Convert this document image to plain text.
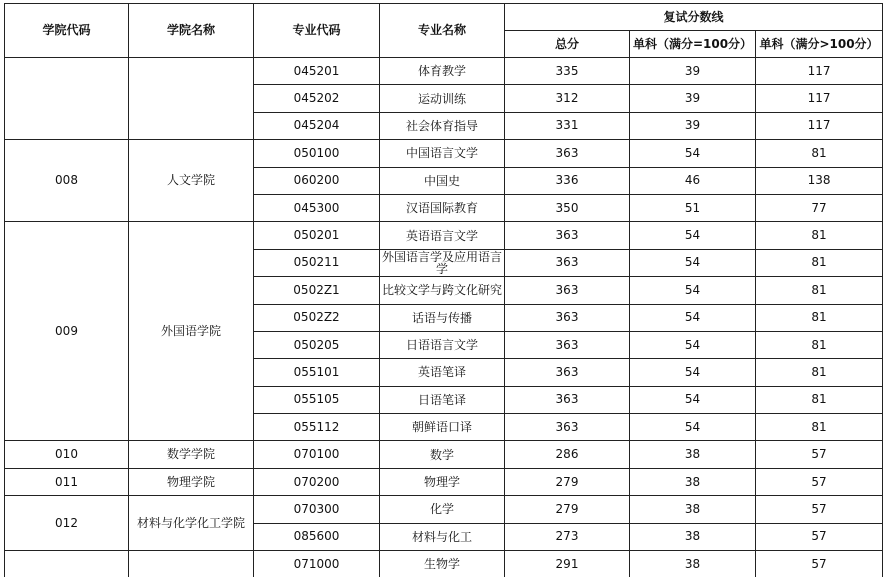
学院代码	学院名称	专业代码	专业名称	复试分数线		
				总分	单科（满分=100分）	单科（满分>100分）
		045201	体育教学	335	39	117
		045202	运动训练	312	39	117
		045204	社会体育指导	331	39	117
008	人文学院	050100	中国语言文学	363	54	81
		060200	中国史	336	46	138
		045300	汉语国际教育	350	51	77
009	外国语学院	050201	英语语言文学	363	54	81
		050211	外国语言学及应用语言学	363	54	81
		0502Z1	比较文学与跨文化研究	363	54	81
		0502Z2	话语与传播	363	54	81
		050205	日语语言文学	363	54	81
		055101	英语笔译	363	54	81
		055105	日语笔译	363	54	81
		055112	朝鲜语口译	363	54	81
010	数学学院	070100	数学	286	38	57
011	物理学院	070200	物理学	279	38	57
012	材料与化学化工学院	070300	化学	279	38	57
		085600	材料与化工	273	38	57
		071000	生物学	291	38	57
